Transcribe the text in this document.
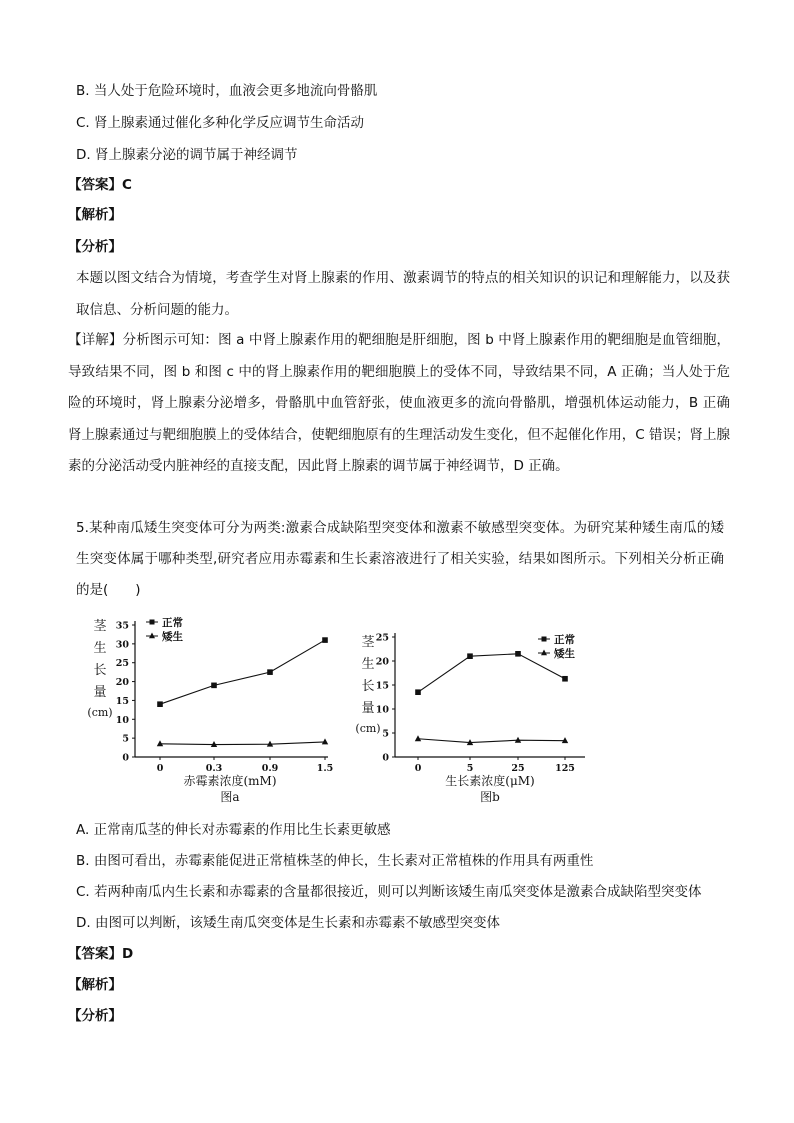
B. 当人处于危险环境时，血液会更多地流向骨骼肌
C. 肾上腺素通过催化多种化学反应调节生命活动
D. 肾上腺素分泌的调节属于神经调节
【答案】C
【解析】
【分析】
本题以图文结合为情境，考查学生对肾上腺素的作用、激素调节的特点的相关知识的识记和理解能力，以及获取信息、分析问题的能力。
【详解】分析图示可知：图 a 中肾上腺素作用的靶细胞是肝细胞，图 b 中肾上腺素作用的靶细胞是血管细胞，导致结果不同，图 b 和图 c 中的肾上腺素作用的靶细胞膜上的受体不同，导致结果不同，A 正确；当人处于危险的环境时，肾上腺素分泌增多，骨骼肌中血管舒张，使血液更多的流向骨骼肌，增强机体运动能力，B 正确 肾上腺素通过与靶细胞膜上的受体结合，使靶细胞原有的生理活动发生变化，但不起催化作用，C 错误；肾上腺素的分泌活动受内脏神经的直接支配，因此肾上腺素的调节属于神经调节，D 正确。
5.某种南瓜矮生突变体可分为两类:激素合成缺陷型突变体和激素不敏感型突变体。为研究某种矮生南瓜的矮生突变体属于哪种类型,研究者应用赤霉素和生长素溶液进行了相关实验，结果如图所示。下列相关分析正确的是(　　)
茎
生
长
量
(cm)
0
5
10
15
20
25
30
35
0	0.3	0.9	1.5
赤霉素浓度(mM)
图a
正常
矮生	茎
生
长
量
(cm)
0
5
10
15
20
25
0	5	25	125
生长素浓度(μM)
图b
正常
矮生
A. 正常南瓜茎的伸长对赤霉素的作用比生长素更敏感
B. 由图可看出，赤霉素能促进正常植株茎的伸长，生长素对正常植株的作用具有两重性
C. 若两种南瓜内生长素和赤霉素的含量都很接近，则可以判断该矮生南瓜突变体是激素合成缺陷型突变体
D. 由图可以判断，该矮生南瓜突变体是生长素和赤霉素不敏感型突变体
【答案】D
【解析】
【分析】
